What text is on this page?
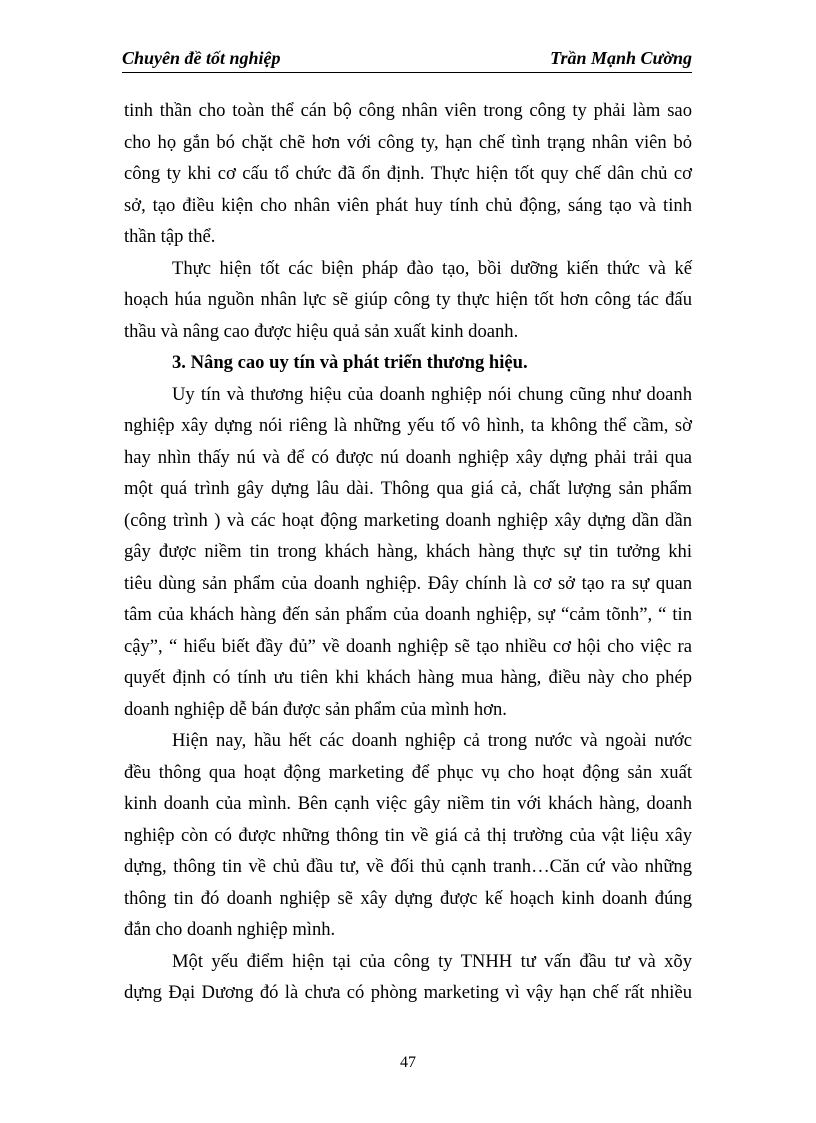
Chuyên đề tốt nghiệp	Trần Mạnh Cường

tinh thần cho toàn thể cán bộ công nhân viên trong công ty phải làm sao
cho họ gắn bó chặt chẽ hơn với công ty, hạn chế tình trạng nhân viên bỏ
công ty khi cơ cấu tổ chức đã ổn định. Thực hiện tốt quy chế dân chủ cơ
sở, tạo điều kiện cho nhân viên phát huy tính chủ động, sáng tạo và tinh
thần tập thể.

Thực hiện tốt các biện pháp đào tạo, bồi dưỡng kiến thức và kế
hoạch húa nguồn nhân lực sẽ giúp công ty thực hiện tốt hơn công tác đấu
thầu và nâng cao được hiệu quả sản xuất kinh doanh.

3. Nâng cao uy tín và phát triển thương hiệu.

Uy tín và thương hiệu của doanh nghiệp nói chung cũng như doanh
nghiệp xây dựng nói riêng là những yếu tố vô hình, ta không thể cầm, sờ
hay nhìn thấy nú và để có được nú doanh nghiệp xây dựng phải trải qua
một quá trình gây dựng lâu dài. Thông qua giá cả, chất lượng sản phẩm
(công trình ) và các hoạt động marketing doanh nghiệp xây dựng dần dần
gây được niềm tin trong khách hàng, khách hàng thực sự tin tưởng khi
tiêu dùng sản phẩm của doanh nghiệp. Đây chính là cơ sở tạo ra sự quan
tâm của khách hàng đến sản phẩm của doanh nghiệp, sự “cảm tõnh”, “ tin
cậy”, “ hiểu biết đầy đủ” về doanh nghiệp sẽ tạo nhiều cơ hội cho việc ra
quyết định có tính ưu tiên khi khách hàng mua hàng, điều này cho phép
doanh nghiệp dễ bán được sản phẩm của mình hơn.

Hiện nay, hầu hết các doanh nghiệp cả trong nước và ngoài nước
đều thông qua hoạt động marketing để phục vụ cho hoạt động sản xuất
kinh doanh của mình. Bên cạnh việc gây niềm tin với khách hàng, doanh
nghiệp còn có được những thông tin về giá cả thị trường của vật liệu xây
dựng, thông tin về chủ đầu tư, về đối thủ cạnh tranh…Căn cứ vào những
thông tin đó doanh nghiệp sẽ xây dựng được kế hoạch kinh doanh đúng
đắn cho doanh nghiệp mình.

Một yếu điểm hiện tại của công ty TNHH tư vấn đầu tư và xõy
dựng Đại Dương đó là chưa có phòng marketing vì vậy hạn chế rất nhiều

47
